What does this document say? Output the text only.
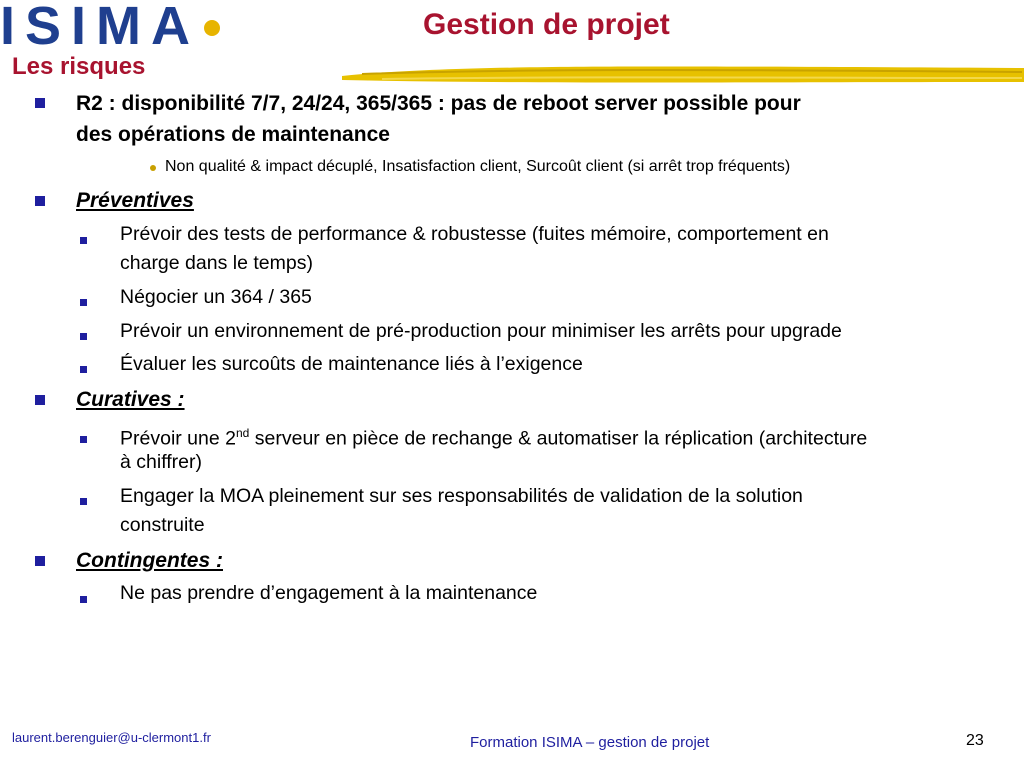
ISIMA	Gestion de projet
Les risques
R2 : disponibilité 7/7, 24/24, 365/365 : pas de reboot server possible pour
des opérations de maintenance
Non qualité & impact décuplé, Insatisfaction client, Surcoût client (si arrêt trop fréquents)
Préventives
Prévoir des tests de performance & robustesse (fuites mémoire, comportement en
charge dans le temps)
Négocier un 364 / 365
Prévoir un environnement de pré-production pour minimiser les arrêts pour upgrade
Évaluer les surcoûts de maintenance liés à l’exigence
Curatives :
Prévoir une 2nd serveur en pièce de rechange & automatiser la réplication (architecture
à chiffrer)
Engager la MOA pleinement sur ses responsabilités de validation de la solution
construite
Contingentes :
Ne pas prendre d’engagement à la maintenance
laurent.berenguier@u-clermont1.fr	Formation ISIMA – gestion de projet	23
